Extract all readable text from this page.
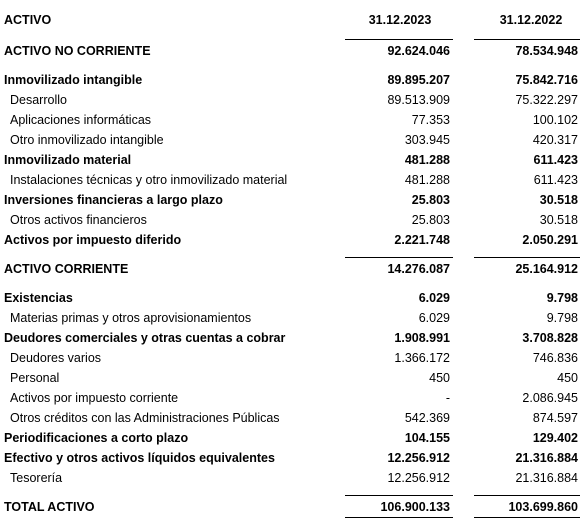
ACTIVO	31.12.2023	31.12.2022
ACTIVO NO CORRIENTE	92.624.046	78.534.948
Inmovilizado intangible	89.895.207	75.842.716
Desarrollo	89.513.909	75.322.297
Aplicaciones informáticas	77.353	100.102
Otro inmovilizado intangible	303.945	420.317
Inmovilizado material	481.288	611.423
Instalaciones técnicas y otro inmovilizado material	481.288	611.423
Inversiones financieras a largo plazo	25.803	30.518
Otros activos financieros	25.803	30.518
Activos por impuesto diferido	2.221.748	2.050.291
ACTIVO CORRIENTE	14.276.087	25.164.912
Existencias	6.029	9.798
Materias primas y otros aprovisionamientos	6.029	9.798
Deudores comerciales y otras cuentas a cobrar	1.908.991	3.708.828
Deudores varios	1.366.172	746.836
Personal	450	450
Activos por impuesto corriente	-	2.086.945
Otros créditos con las Administraciones Públicas	542.369	874.597
Periodificaciones a corto plazo	104.155	129.402
Efectivo y otros activos líquidos equivalentes	12.256.912	21.316.884
Tesorería	12.256.912	21.316.884
TOTAL ACTIVO	106.900.133	103.699.860
